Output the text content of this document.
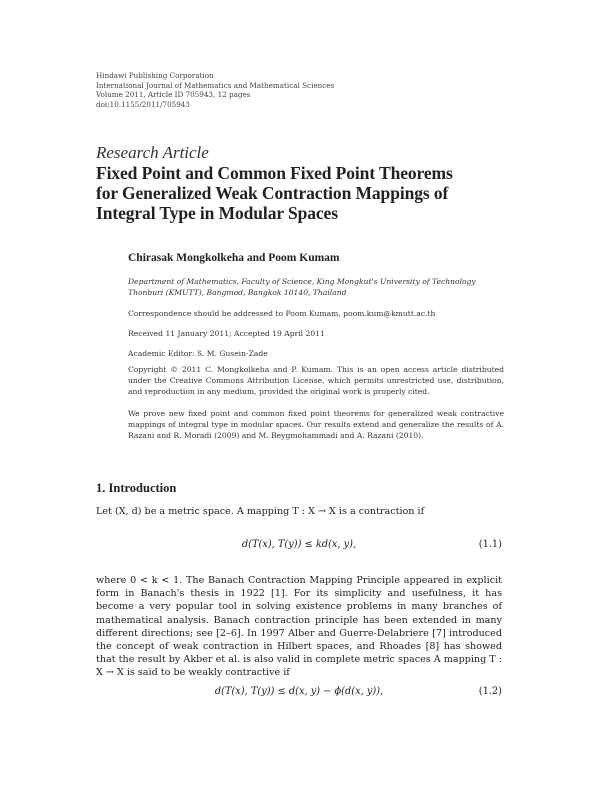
Hindawi Publishing Corporation
International Journal of Mathematics and Mathematical Sciences
Volume 2011, Article ID 705943, 12 pages
doi:10.1155/2011/705943
Research Article
Fixed Point and Common Fixed Point Theorems
for Generalized Weak Contraction Mappings of
Integral Type in Modular Spaces
Chirasak Mongkolkeha and Poom Kumam
Department of Mathematics, Faculty of Science, King Mongkut's University of Technology Thonburi (KMUTT), Bangmod, Bangkok 10140, Thailand
Correspondence should be addressed to Poom Kumam, poom.kum@kmutt.ac.th
Received 11 January 2011; Accepted 19 April 2011
Academic Editor: S. M. Gusein-Zade
Copyright © 2011 C. Mongkolkeha and P. Kumam. This is an open access article distributed under the Creative Commons Attribution License, which permits unrestricted use, distribution, and reproduction in any medium, provided the original work is properly cited.
We prove new fixed point and common fixed point theorems for generalized weak contractive mappings of integral type in modular spaces. Our results extend and generalize the results of A. Razani and R. Moradi (2009) and M. Beygmohammadi and A. Razani (2010).
1. Introduction
Let (X, d) be a metric space. A mapping T : X → X is a contraction if
d(T(x), T(y)) ≤ kd(x, y),	(1.1)
where 0 < k < 1. The Banach Contraction Mapping Principle appeared in explicit form in Banach's thesis in 1922 [1]. For its simplicity and usefulness, it has become a very popular tool in solving existence problems in many branches of mathematical analysis. Banach contraction principle has been extended in many different directions; see [2–6]. In 1997 Alber and Guerre-Delabriere [7] introduced the concept of weak contraction in Hilbert spaces, and Rhoades [8] has showed that the result by Akber et al. is also valid in complete metric spaces A mapping T : X → X is said to be weakly contractive if
d(T(x), T(y)) ≤ d(x, y) − ϕ(d(x, y)),	(1.2)
